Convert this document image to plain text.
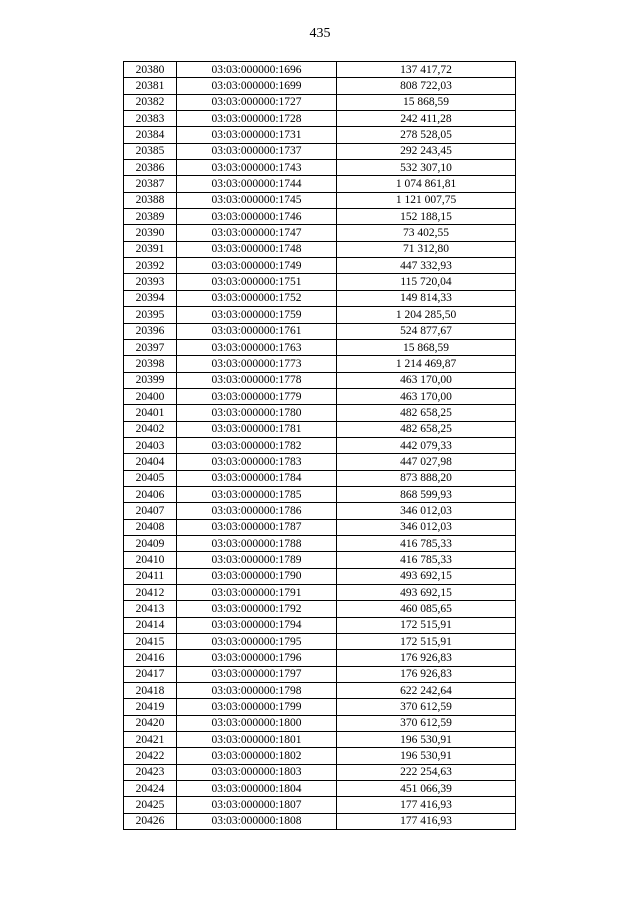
435
20380	03:03:000000:1696	137 417,72
20381	03:03:000000:1699	808 722,03
20382	03:03:000000:1727	15 868,59
20383	03:03:000000:1728	242 411,28
20384	03:03:000000:1731	278 528,05
20385	03:03:000000:1737	292 243,45
20386	03:03:000000:1743	532 307,10
20387	03:03:000000:1744	1 074 861,81
20388	03:03:000000:1745	1 121 007,75
20389	03:03:000000:1746	152 188,15
20390	03:03:000000:1747	73 402,55
20391	03:03:000000:1748	71 312,80
20392	03:03:000000:1749	447 332,93
20393	03:03:000000:1751	115 720,04
20394	03:03:000000:1752	149 814,33
20395	03:03:000000:1759	1 204 285,50
20396	03:03:000000:1761	524 877,67
20397	03:03:000000:1763	15 868,59
20398	03:03:000000:1773	1 214 469,87
20399	03:03:000000:1778	463 170,00
20400	03:03:000000:1779	463 170,00
20401	03:03:000000:1780	482 658,25
20402	03:03:000000:1781	482 658,25
20403	03:03:000000:1782	442 079,33
20404	03:03:000000:1783	447 027,98
20405	03:03:000000:1784	873 888,20
20406	03:03:000000:1785	868 599,93
20407	03:03:000000:1786	346 012,03
20408	03:03:000000:1787	346 012,03
20409	03:03:000000:1788	416 785,33
20410	03:03:000000:1789	416 785,33
20411	03:03:000000:1790	493 692,15
20412	03:03:000000:1791	493 692,15
20413	03:03:000000:1792	460 085,65
20414	03:03:000000:1794	172 515,91
20415	03:03:000000:1795	172 515,91
20416	03:03:000000:1796	176 926,83
20417	03:03:000000:1797	176 926,83
20418	03:03:000000:1798	622 242,64
20419	03:03:000000:1799	370 612,59
20420	03:03:000000:1800	370 612,59
20421	03:03:000000:1801	196 530,91
20422	03:03:000000:1802	196 530,91
20423	03:03:000000:1803	222 254,63
20424	03:03:000000:1804	451 066,39
20425	03:03:000000:1807	177 416,93
20426	03:03:000000:1808	177 416,93
